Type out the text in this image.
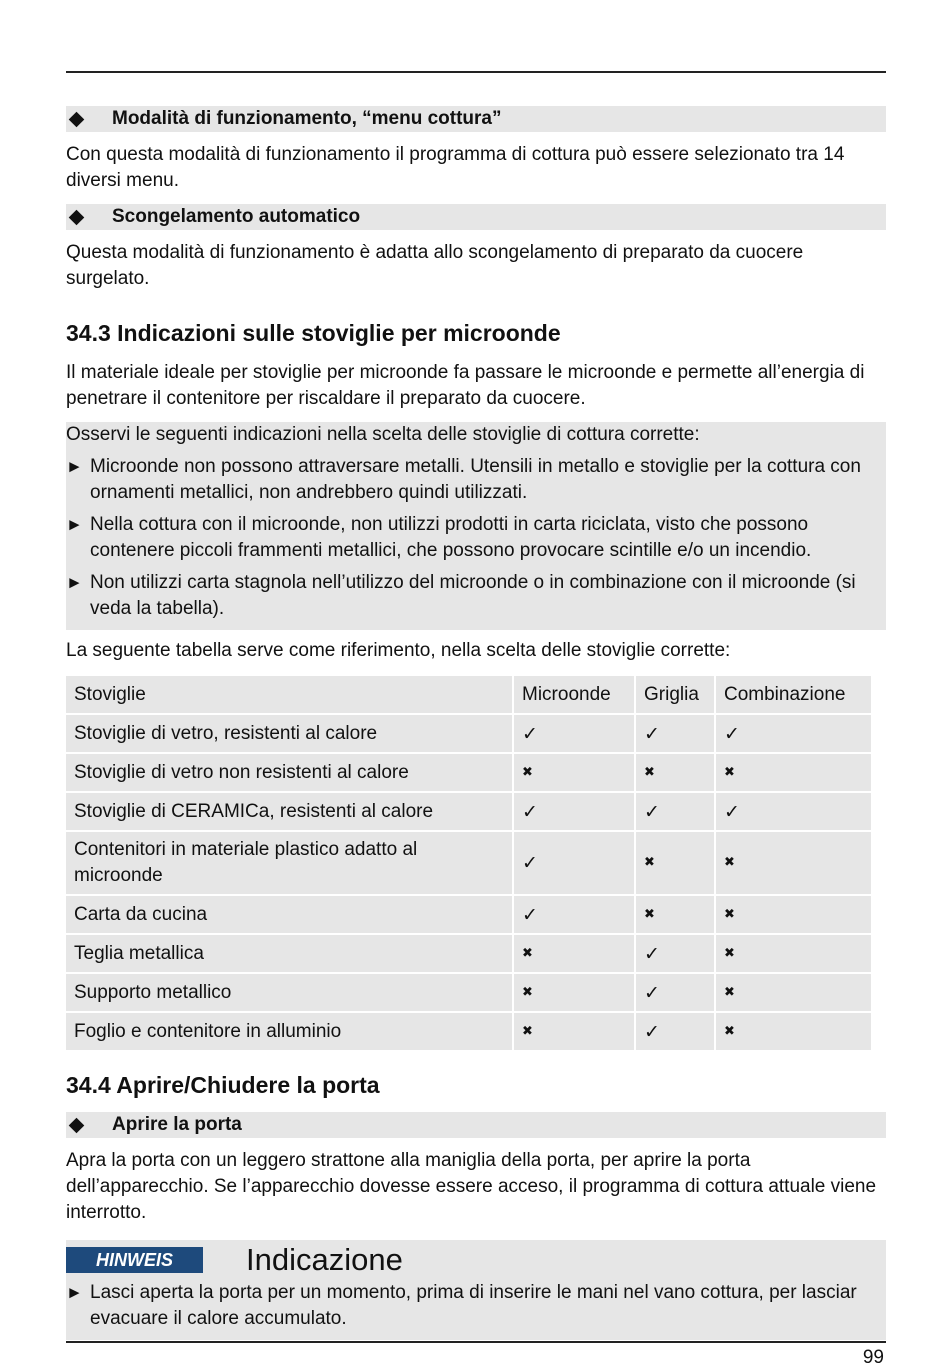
Modalità di funzionamento, “menu cottura”

Con questa modalità di funzionamento il programma di cottura può essere selezionato tra 14 diversi menu.

Scongelamento automatico

Questa modalità di funzionamento è adatta allo scongelamento di preparato da cuocere surgelato.

34.3 Indicazioni sulle stoviglie per microonde

Il materiale ideale per stoviglie per microonde fa passare le microonde e permette all’energia di penetrare il contenitore per riscaldare il preparato da cuocere.

Osservi le seguenti indicazioni nella scelta delle stoviglie di cottura corrette:

► Microonde non possono attraversare metalli. Utensili in metallo e stoviglie per la cottura con ornamenti metallici, non andrebbero quindi utilizzati.
► Nella cottura con il microonde, non utilizzi prodotti in carta riciclata, visto che possono contenere piccoli frammenti metallici, che possono provocare scintille e/o un incendio.
► Non utilizzi carta stagnola nell’utilizzo del microonde o in combinazione con il microonde (si veda la tabella).

La seguente tabella serve come riferimento, nella scelta delle stoviglie corrette:

Stoviglie	Microonde	Griglia	Combinazione
Stoviglie di vetro, resistenti al calore	✓	✓	✓
Stoviglie di vetro non resistenti al calore	✖	✖	✖
Stoviglie di CERAMICa, resistenti al calore	✓	✓	✓
Contenitori in materiale plastico adatto al microonde	✓	✖	✖
Carta da cucina	✓	✖	✖
Teglia metallica	✖	✓	✖
Supporto metallico	✖	✓	✖
Foglio e contenitore in alluminio	✖	✓	✖
34.4 Aprire/Chiudere la porta
Aprire la porta

Apra la porta con un leggero strattone alla maniglia della porta, per aprire la porta dell’apparecchio. Se l’apparecchio dovesse essere acceso, il programma di cottura attuale viene interrotto.

HINWEIS	Indicazione
► Lasci aperta la porta per un momento, prima di inserire le mani nel vano cottura, per lasciar evacuare il calore accumulato.
99
